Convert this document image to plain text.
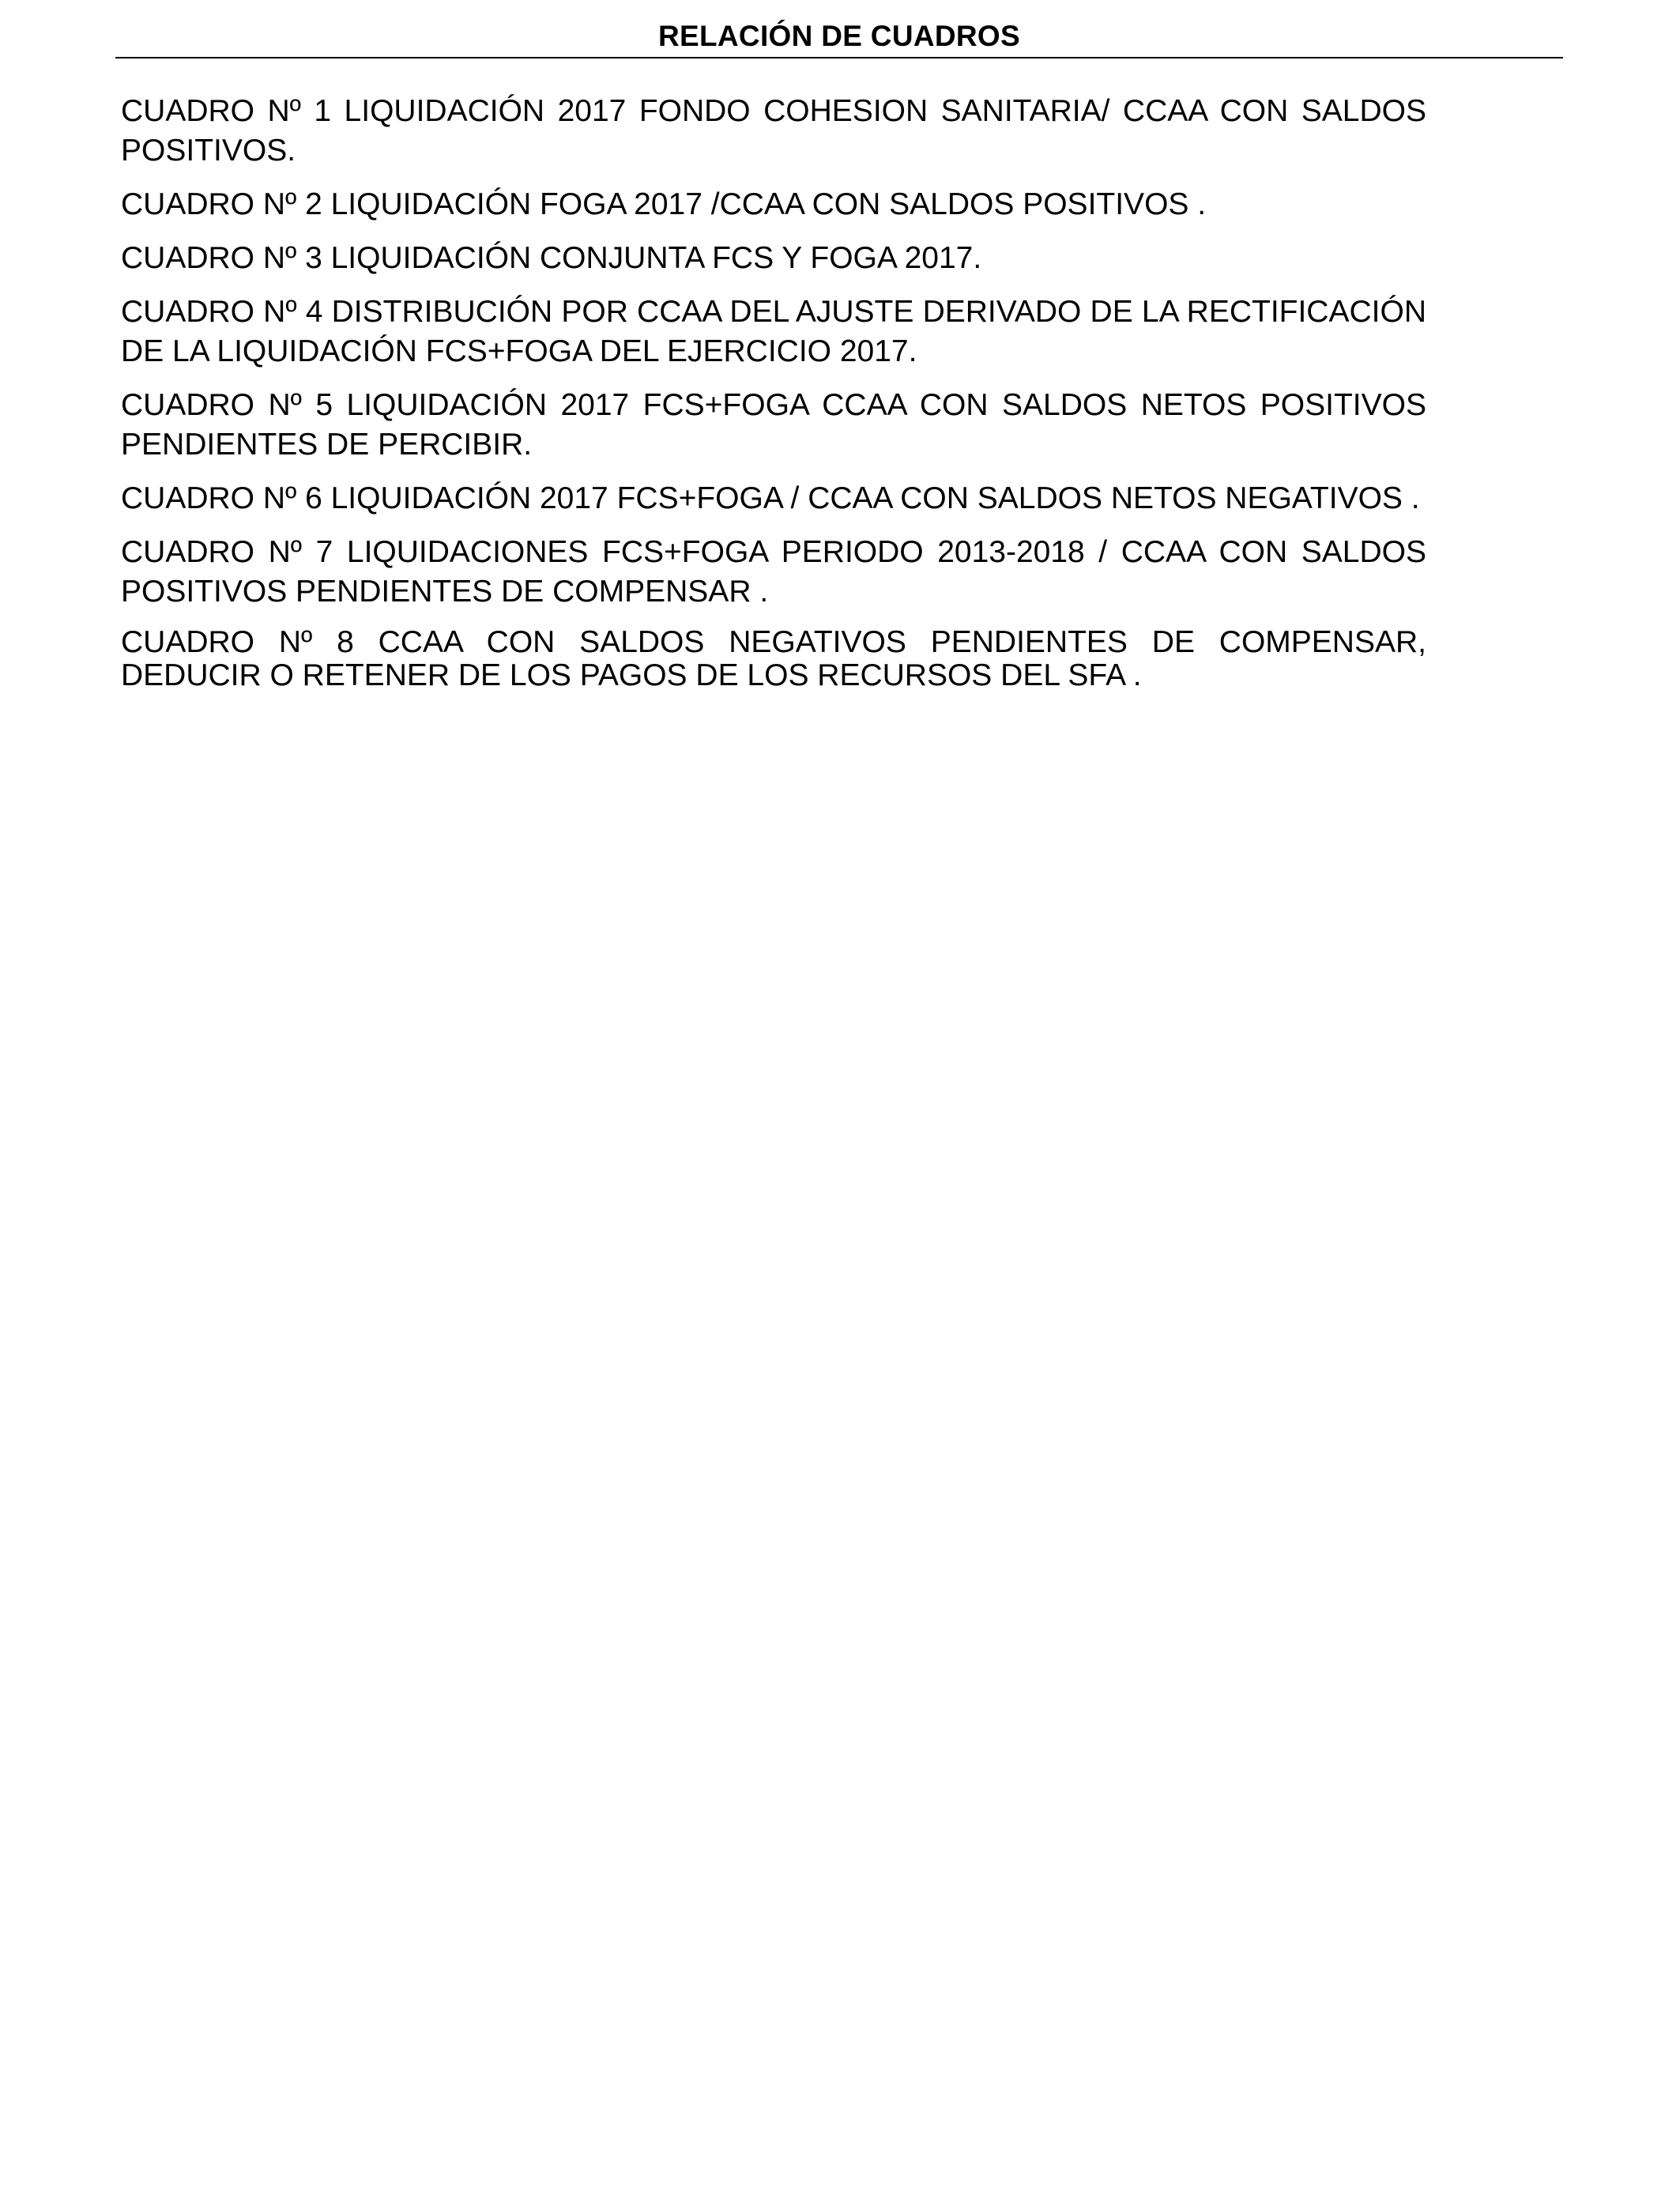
RELACIÓN DE CUADROS
CUADRO Nº 1 LIQUIDACIÓN 2017 FONDO COHESION SANITARIA/ CCAA CON SALDOS POSITIVOS.
CUADRO Nº 2 LIQUIDACIÓN FOGA 2017 /CCAA CON SALDOS POSITIVOS .
CUADRO Nº 3 LIQUIDACIÓN CONJUNTA FCS Y FOGA 2017.
CUADRO Nº 4 DISTRIBUCIÓN POR CCAA DEL AJUSTE DERIVADO DE LA RECTIFICACIÓN DE LA LIQUIDACIÓN FCS+FOGA DEL EJERCICIO 2017.
CUADRO Nº 5 LIQUIDACIÓN 2017 FCS+FOGA CCAA CON SALDOS NETOS POSITIVOS PENDIENTES DE PERCIBIR.
CUADRO Nº 6 LIQUIDACIÓN 2017 FCS+FOGA / CCAA CON SALDOS NETOS NEGATIVOS .
CUADRO Nº 7 LIQUIDACIONES FCS+FOGA PERIODO 2013-2018 / CCAA CON SALDOS POSITIVOS PENDIENTES DE COMPENSAR .
CUADRO Nº 8 CCAA CON SALDOS NEGATIVOS PENDIENTES DE COMPENSAR, DEDUCIR O RETENER DE LOS PAGOS DE LOS RECURSOS DEL SFA .
